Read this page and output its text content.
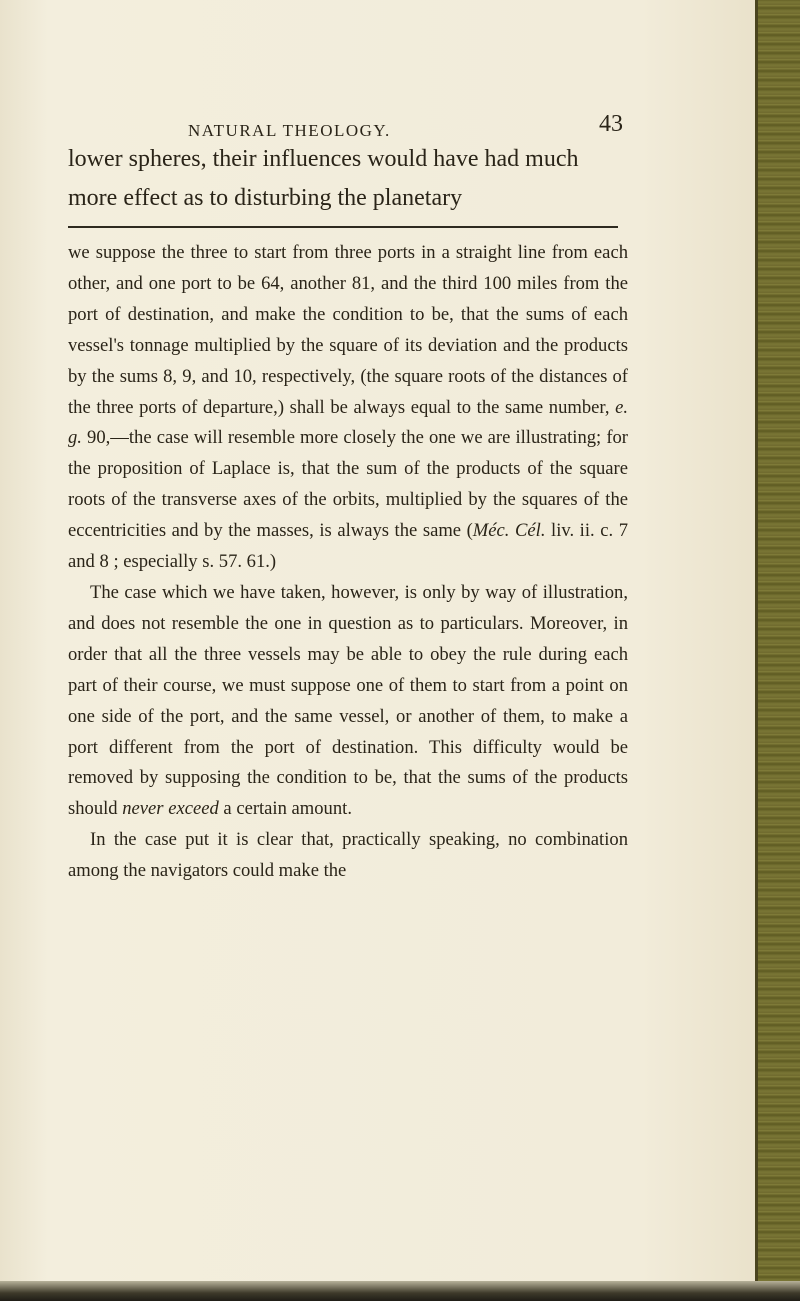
NATURAL THEOLOGY.	43
lower spheres, their influences would have had much more effect as to disturbing the planetary

we suppose the three to start from three ports in a straight line from each other, and one port to be 64, another 81, and the third 100 miles from the port of destination, and make the condition to be, that the sums of each vessel's tonnage multiplied by the square of its deviation and the products by the sums 8, 9, and 10, respectively, (the square roots of the distances of the three ports of departure,) shall be always equal to the same number, e. g. 90,—the case will resemble more closely the one we are illustrating; for the proposition of Laplace is, that the sum of the products of the square roots of the transverse axes of the orbits, multiplied by the squares of the eccentricities and by the masses, is always the same (Méc. Cél. liv. ii. c. 7 and 8 ; especially s. 57. 61.)

The case which we have taken, however, is only by way of illustration, and does not resemble the one in question as to particulars. Moreover, in order that all the three vessels may be able to obey the rule during each part of their course, we must suppose one of them to start from a point on one side of the port, and the same vessel, or another of them, to make a port different from the port of destination. This difficulty would be removed by supposing the condition to be, that the sums of the products should never exceed a certain amount.

In the case put it is clear that, practically speaking, no combination among the navigators could make the
